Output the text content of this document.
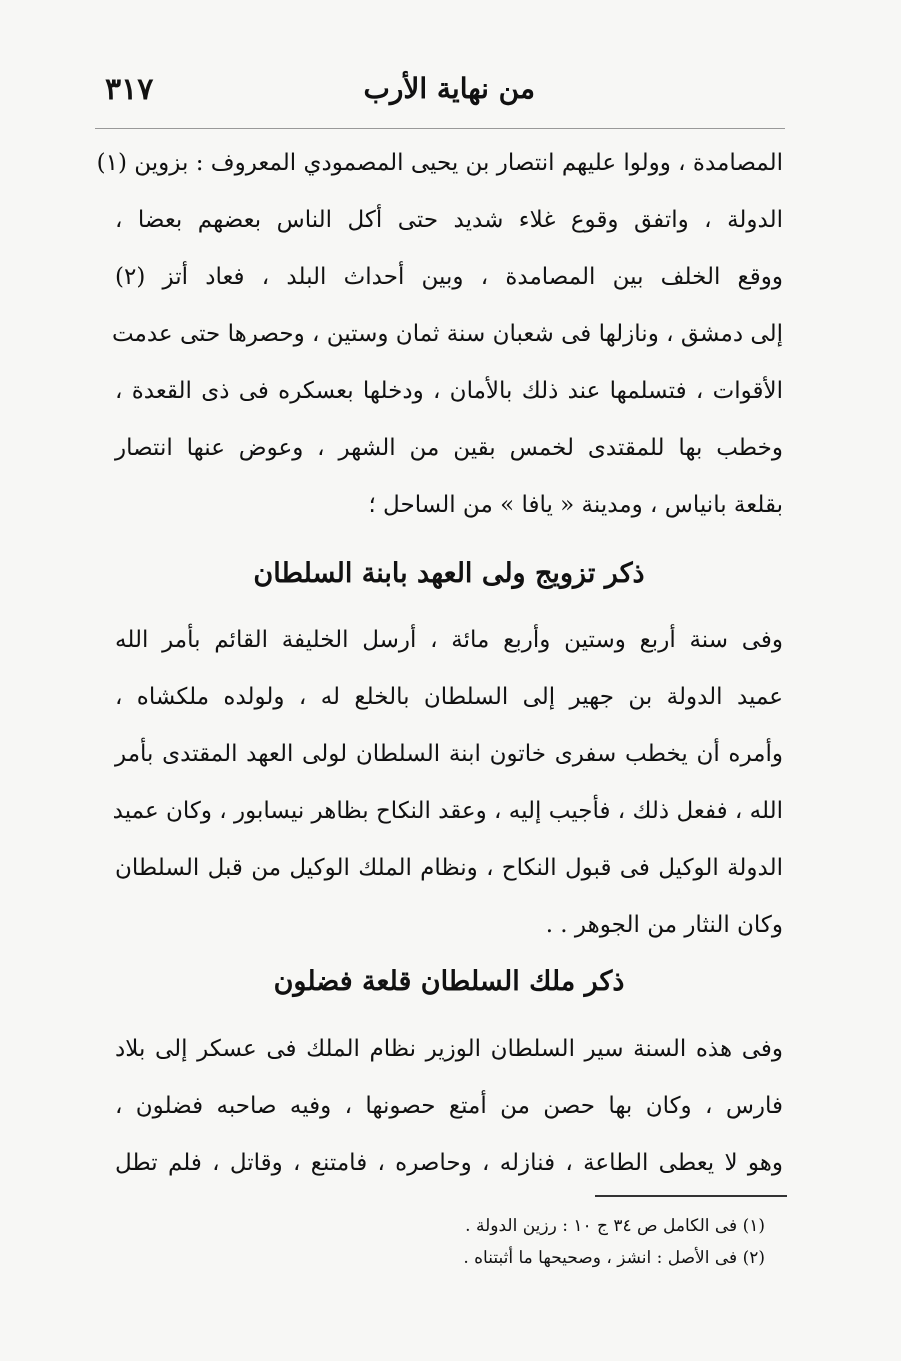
٣١٧	من نهاية الأرب
المصامدة ، وولوا عليهم انتصار بن يحيى المصمودي المعروف : بزوين (١)
الدولة ، واتفق وقوع غلاء شديد حتى أكل الناس بعضهم بعضا ،
ووقع الخلف بين المصامدة ، وبين أحداث البلد ، فعاد أتز (٢)
إلى دمشق ، ونازلها فى شعبان سنة ثمان وستين ، وحصرها حتى عدمت
الأقوات ، فتسلمها عند ذلك بالأمان ، ودخلها بعسكره فى ذى القعدة ،
وخطب بها للمقتدى لخمس بقين من الشهر ، وعوض عنها انتصار
بقلعة بانياس ، ومدينة « يافا » من الساحل ؛
ذكر تزويج ولى العهد بابنة السلطان
وفى سنة أربع وستين وأربع مائة ، أرسل الخليفة القائم بأمر الله
عميد الدولة بن جهير إلى السلطان بالخلع له ، ولولده ملكشاه ،
وأمره أن يخطب سفرى خاتون ابنة السلطان لولى العهد المقتدى بأمر
الله ، ففعل ذلك ، فأجيب إليه ، وعقد النكاح بظاهر نيسابور ، وكان عميد
الدولة الوكيل فى قبول النكاح ، ونظام الملك الوكيل من قبل السلطان
وكان النثار من الجوهر . .
ذكر ملك السلطان قلعة فضلون
وفى هذه السنة سير السلطان الوزير نظام الملك فى عسكر إلى بلاد
فارس ، وكان بها حصن من أمتع حصونها ، وفيه صاحبه فضلون ،
وهو لا يعطى الطاعة ، فنازله ، وحاصره ، فامتنع ، وقاتل ، فلم تطل
(١) فى الكامل ص ٣٤ ج ١٠ : رزين الدولة .
(٢) فى الأصل : انشز ، وصحيحها ما أثبتناه .
